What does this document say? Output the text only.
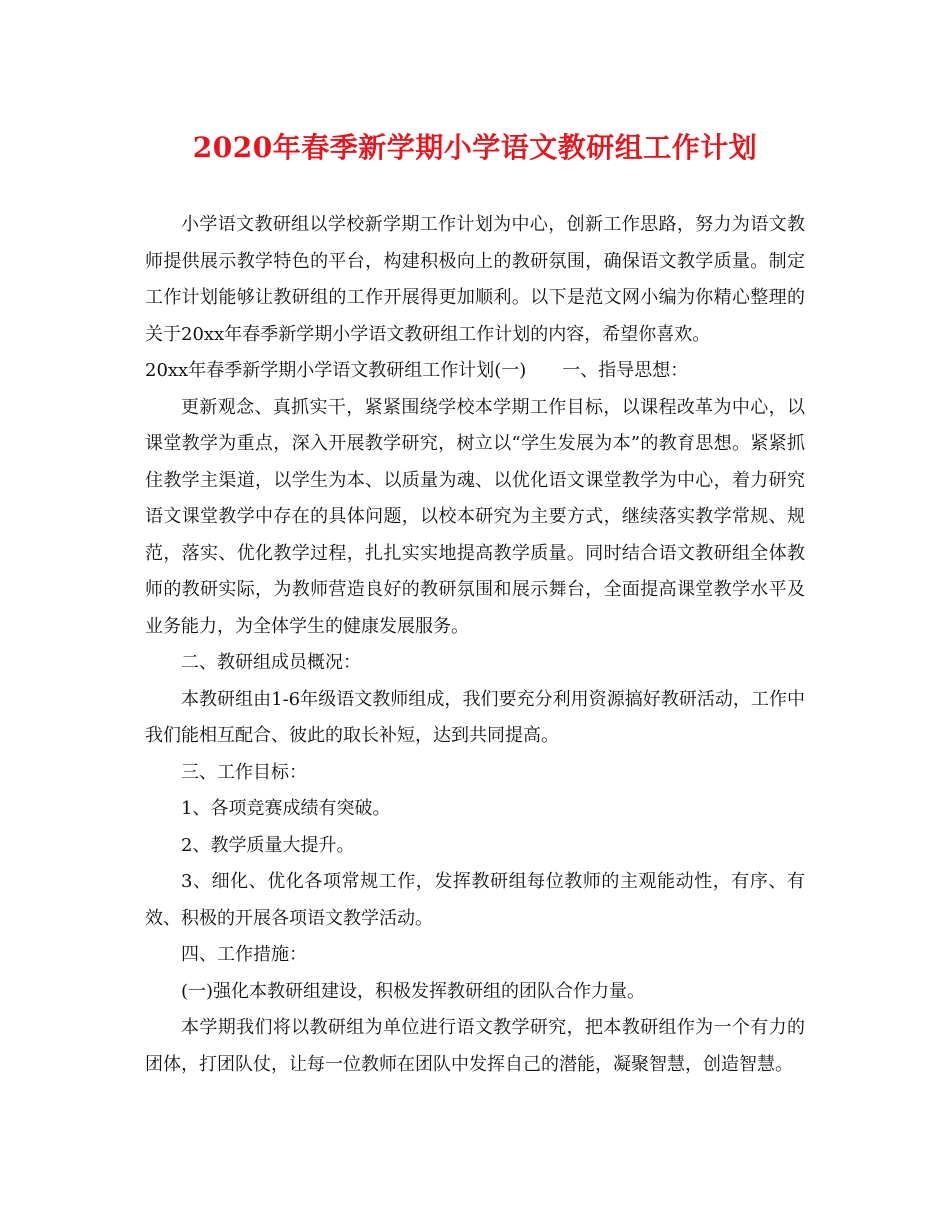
2020年春季新学期小学语文教研组工作计划

小学语文教研组以学校新学期工作计划为中心，创新工作思路，努力为语文教师提供展示教学特色的平台，构建积极向上的教研氛围，确保语文教学质量。制定工作计划能够让教研组的工作开展得更加顺利。以下是范文网小编为你精心整理的关于20xx年春季新学期小学语文教研组工作计划的内容，希望你喜欢。

20xx年春季新学期小学语文教研组工作计划(一)　　一、指导思想：

更新观念、真抓实干，紧紧围绕学校本学期工作目标，以课程改革为中心，以课堂教学为重点，深入开展教学研究，树立以“学生发展为本”的教育思想。紧紧抓住教学主渠道，以学生为本、以质量为魂、以优化语文课堂教学为中心，着力研究语文课堂教学中存在的具体问题，以校本研究为主要方式，继续落实教学常规、规范，落实、优化教学过程，扎扎实实地提高教学质量。同时结合语文教研组全体教师的教研实际，为教师营造良好的教研氛围和展示舞台，全面提高课堂教学水平及业务能力，为全体学生的健康发展服务。

二、教研组成员概况：

本教研组由1-6年级语文教师组成，我们要充分利用资源搞好教研活动，工作中我们能相互配合、彼此的取长补短，达到共同提高。

三、工作目标：

1、各项竞赛成绩有突破。

2、教学质量大提升。

3、细化、优化各项常规工作，发挥教研组每位教师的主观能动性，有序、有效、积极的开展各项语文教学活动。

四、工作措施：

(一)强化本教研组建设，积极发挥教研组的团队合作力量。

本学期我们将以教研组为单位进行语文教学研究，把本教研组作为一个有力的团体，打团队仗，让每一位教师在团队中发挥自己的潜能，凝聚智慧，创造智慧。
